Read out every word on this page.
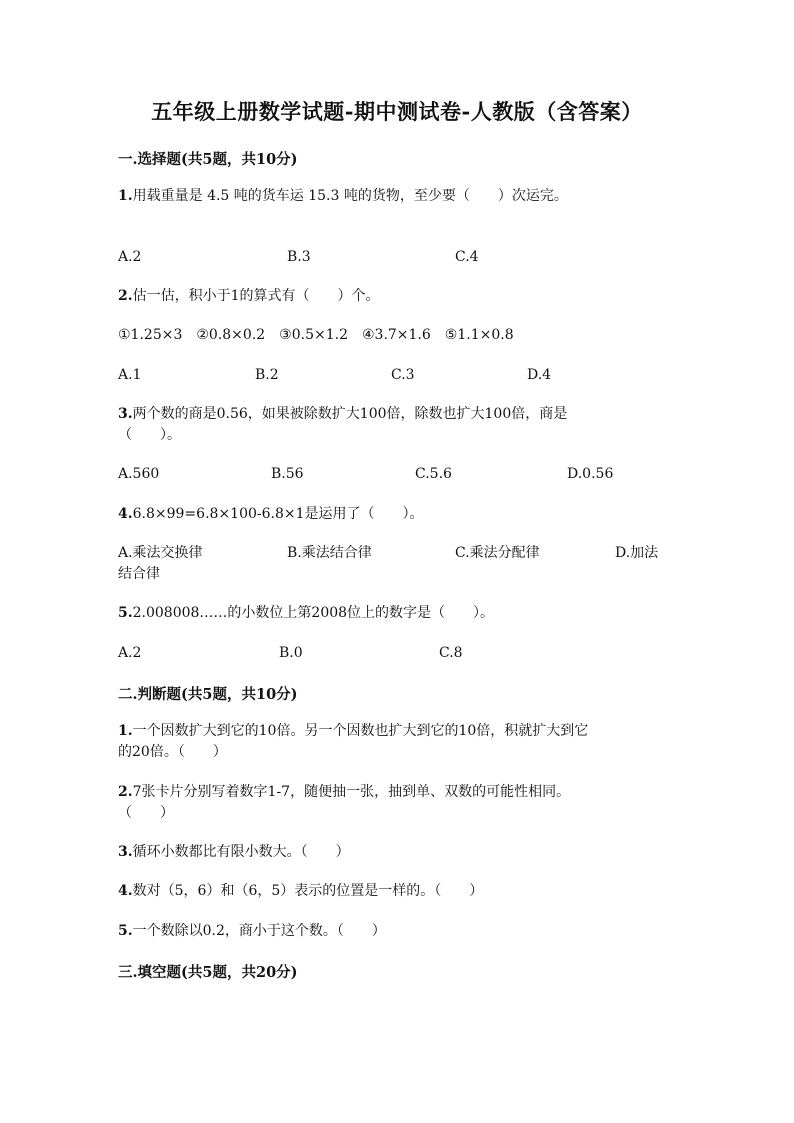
五年级上册数学试题-期中测试卷-人教版（含答案）
一.选择题(共5题，共10分)
1.用载重量是 4.5 吨的货车运 15.3 吨的货物，至少要（　　）次运完。
A.2	B.3	C.4
2.估一估，积小于1的算式有（　　）个。
①1.25×3　②0.8×0.2　③0.5×1.2　④3.7×1.6　⑤1.1×0.8
A.1	B.2	C.3	D.4
3.两个数的商是0.56，如果被除数扩大100倍，除数也扩大100倍，商是
（　　）。
A.560	B.56	C.5.6	D.0.56
4.6.8×99=6.8×100-6.8×1是运用了（　　）。
A.乘法交换律	B.乘法结合律	C.乘法分配律	D.加法
结合律
5.2.008008……的小数位上第2008位上的数字是（　　）。
A.2	B.0	C.8
二.判断题(共5题，共10分)
1.一个因数扩大到它的10倍。另一个因数也扩大到它的10倍，积就扩大到它
的20倍。（　　）
2.7张卡片分别写着数字1-7，随便抽一张，抽到单、双数的可能性相同。
（　　）
3.循环小数都比有限小数大。（　　）
4.数对（5，6）和（6，5）表示的位置是一样的。（　　）
5.一个数除以0.2，商小于这个数。（　　）
三.填空题(共5题，共20分)
